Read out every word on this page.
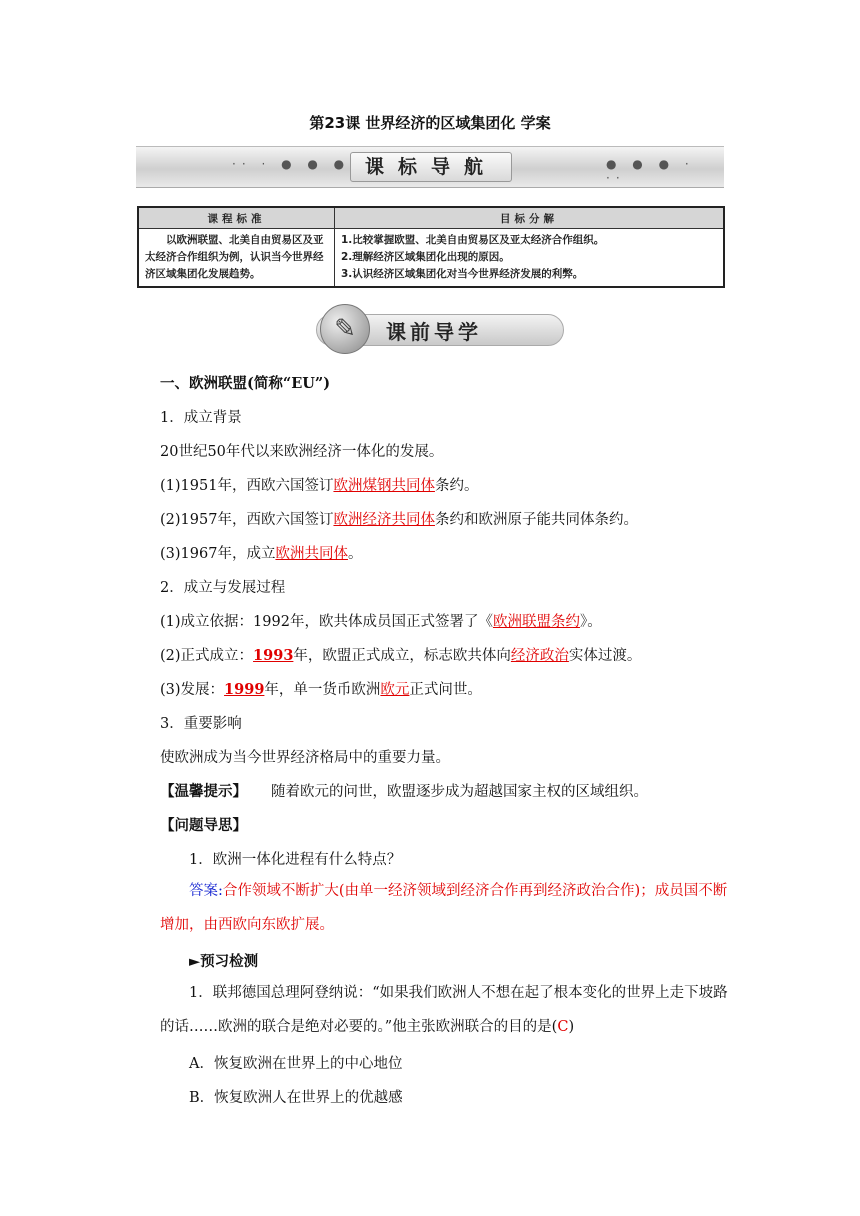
第23课 世界经济的区域集团化 学案
·· · ● ● ● 课标导航	● ● ● · ··
课程标准	目标分解
以欧洲联盟、北美自由贸易区及亚太经济合作组织为例，认识当今世界经济区域集团化发展趋势。	1.比较掌握欧盟、北美自由贸易区及亚太经济合作组织。
2.理解经济区域集团化出现的原因。
3.认识经济区域集团化对当今世界经济发展的利弊。
✎	课前导学
一、欧洲联盟(简称“EU”)
1．成立背景
20世纪50年代以来欧洲经济一体化的发展。
(1)1951年，西欧六国签订欧洲煤钢共同体条约。
(2)1957年，西欧六国签订欧洲经济共同体条约和欧洲原子能共同体条约。
(3)1967年，成立欧洲共同体。
2．成立与发展过程
(1)成立依据：1992年，欧共体成员国正式签署了《欧洲联盟条约》。
(2)正式成立：1993年，欧盟正式成立，标志欧共体向经济政治实体过渡。
(3)发展：1999年，单一货币欧洲欧元正式问世。
3．重要影响
使欧洲成为当今世界经济格局中的重要力量。
【温馨提示】 随着欧元的问世，欧盟逐步成为超越国家主权的区域组织。
【问题导思】
1．欧洲一体化进程有什么特点？
答案:合作领域不断扩大(由单一经济领域到经济合作再到经济政治合作)；成员国不断增加，由西欧向东欧扩展。
►预习检测
1．联邦德国总理阿登纳说：“如果我们欧洲人不想在起了根本变化的世界上走下坡路的话……欧洲的联合是绝对必要的。”他主张欧洲联合的目的是(C)
A．恢复欧洲在世界上的中心地位
B．恢复欧洲人在世界上的优越感
